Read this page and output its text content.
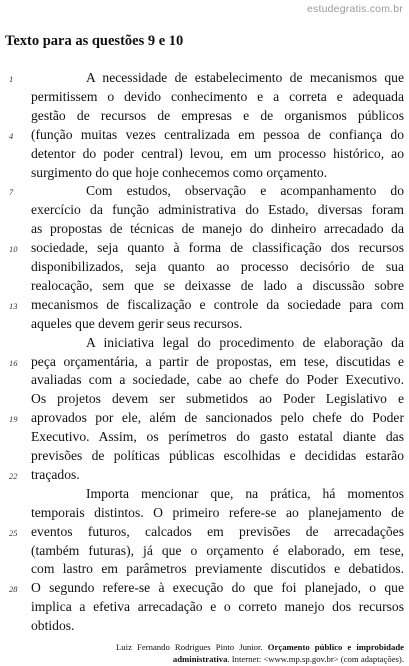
estudegratis.com.br
Texto para as questões 9 e 10
A necessidade de estabelecimento de mecanismos que
permitissem o devido conhecimento e a correta e adequada
gestão de recursos de empresas e de organismos públicos
(função muitas vezes centralizada em pessoa de confiança do
detentor do poder central) levou, em um processo histórico, ao
surgimento do que hoje conhecemos como orçamento.
Com estudos, observação e acompanhamento do
exercício da função administrativa do Estado, diversas foram
as propostas de técnicas de manejo do dinheiro arrecadado da
sociedade, seja quanto à forma de classificação dos recursos
disponibilizados, seja quanto ao processo decisório de sua
realocação, sem que se deixasse de lado a discussão sobre
mecanismos de fiscalização e controle da sociedade para com
aqueles que devem gerir seus recursos.
A iniciativa legal do procedimento de elaboração da
peça orçamentária, a partir de propostas, em tese, discutidas e
avaliadas com a sociedade, cabe ao chefe do Poder Executivo.
Os projetos devem ser submetidos ao Poder Legislativo e
aprovados por ele, além de sancionados pelo chefe do Poder
Executivo. Assim, os perímetros do gasto estatal diante das
previsões de políticas públicas escolhidas e decididas estarão
traçados.
Importa mencionar que, na prática, há momentos
temporais distintos. O primeiro refere-se ao planejamento de
eventos futuros, calcados em previsões de arrecadações
(também futuras), já que o orçamento é elaborado, em tese,
com lastro em parâmetros previamente discutidos e debatidos.
O segundo refere-se à execução do que foi planejado, o que
implica a efetiva arrecadação e o correto manejo dos recursos
obtidos.
1
4
7
10
13
16
19
22
25
28
Luiz Fernando Rodrigues Pinto Junior. Orçamento público e improbidade
administrativa. Internet: <www.mp.sp.gov.br> (com adaptações).
